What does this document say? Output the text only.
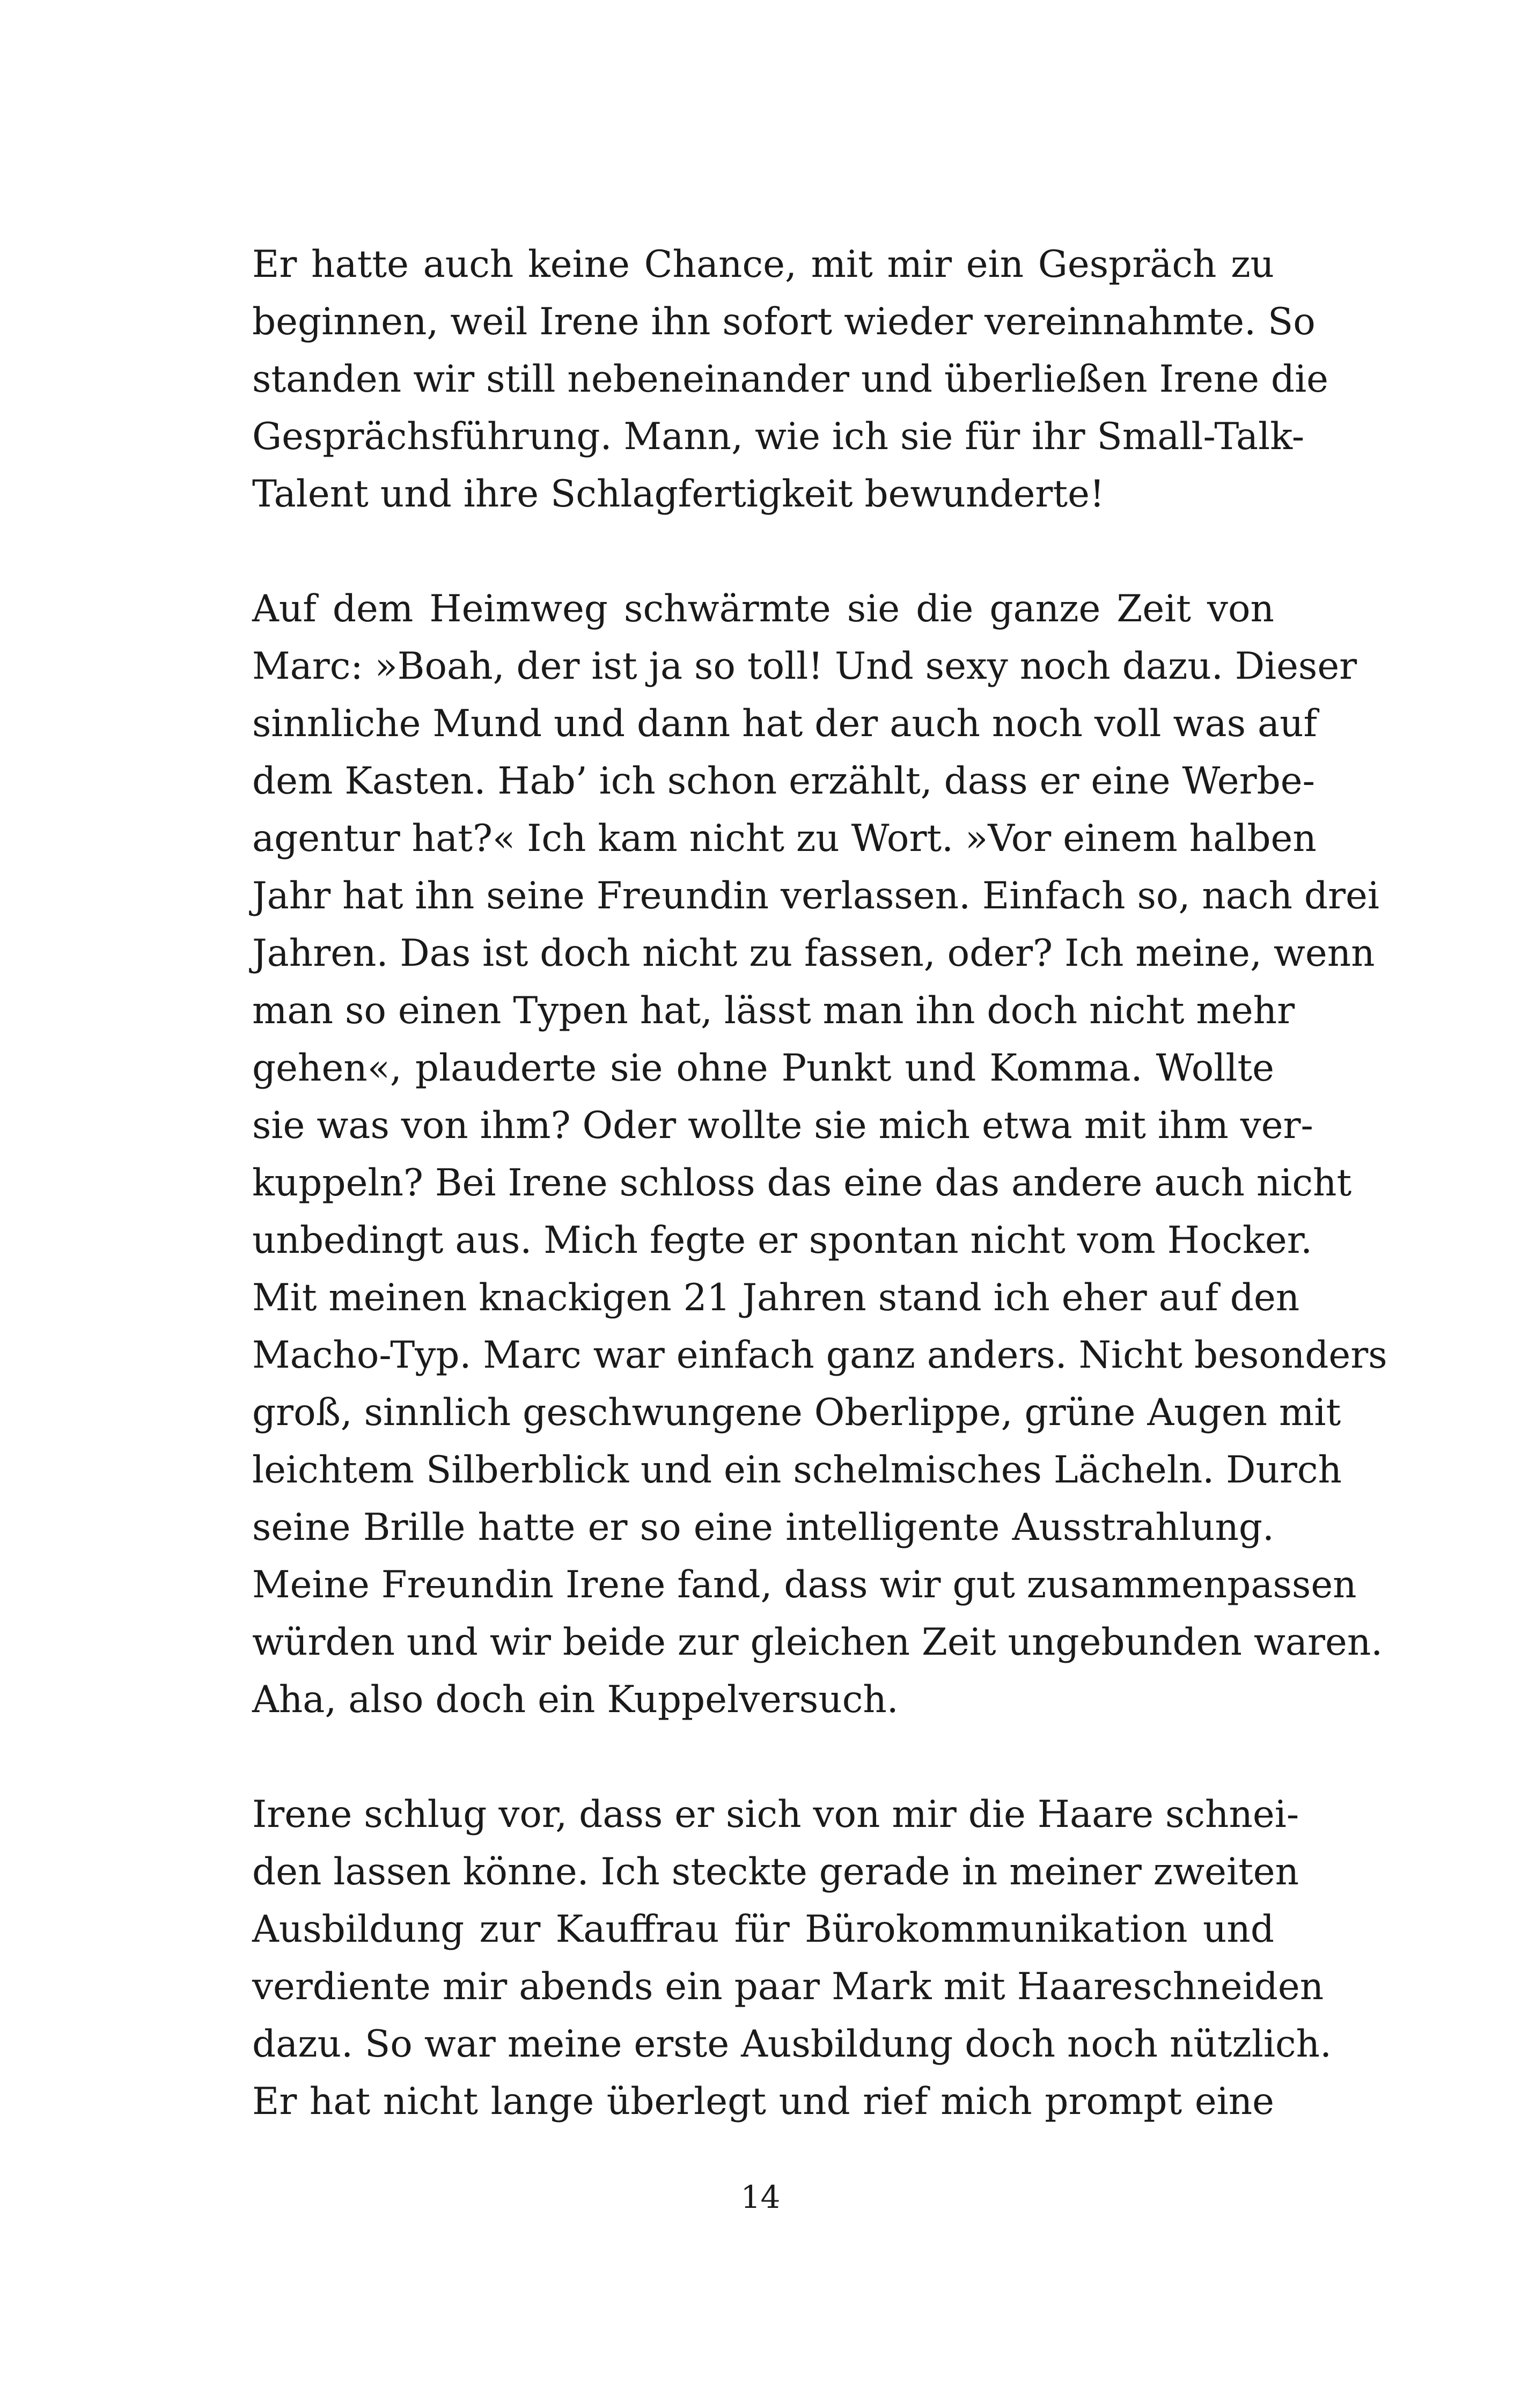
Er hatte auch keine Chance, mit mir ein Gespräch zu
beginnen, weil Irene ihn sofort wieder vereinnahmte. So
standen wir still nebeneinander und überließen Irene die
Gesprächsführung. Mann, wie ich sie für ihr Small-Talk-
Talent und ihre Schlagfertigkeit bewunderte!

Auf dem Heimweg schwärmte sie die ganze Zeit von
Marc: »Boah, der ist ja so toll! Und sexy noch dazu. Dieser
sinnliche Mund und dann hat der auch noch voll was auf
dem Kasten. Hab’ ich schon erzählt, dass er eine Werbe-
agentur hat?« Ich kam nicht zu Wort. »Vor einem halben
Jahr hat ihn seine Freundin verlassen. Einfach so, nach drei
Jahren. Das ist doch nicht zu fassen, oder? Ich meine, wenn
man so einen Typen hat, lässt man ihn doch nicht mehr
gehen«, plauderte sie ohne Punkt und Komma. Wollte
sie was von ihm? Oder wollte sie mich etwa mit ihm ver-
kuppeln? Bei Irene schloss das eine das andere auch nicht
unbedingt aus. Mich fegte er spontan nicht vom Hocker.
Mit meinen knackigen 21 Jahren stand ich eher auf den
Macho-Typ. Marc war einfach ganz anders. Nicht besonders
groß, sinnlich geschwungene Oberlippe, grüne Augen mit
leichtem Silberblick und ein schelmisches Lächeln. Durch
seine Brille hatte er so eine intelligente Ausstrahlung.
Meine Freundin Irene fand, dass wir gut zusammenpassen
würden und wir beide zur gleichen Zeit ungebunden waren.
Aha, also doch ein Kuppelversuch.

Irene schlug vor, dass er sich von mir die Haare schnei-
den lassen könne. Ich steckte gerade in meiner zweiten
Ausbildung zur Kauffrau für Bürokommunikation und
verdiente mir abends ein paar Mark mit Haareschneiden
dazu. So war meine erste Ausbildung doch noch nützlich.
Er hat nicht lange überlegt und rief mich prompt eine

14
